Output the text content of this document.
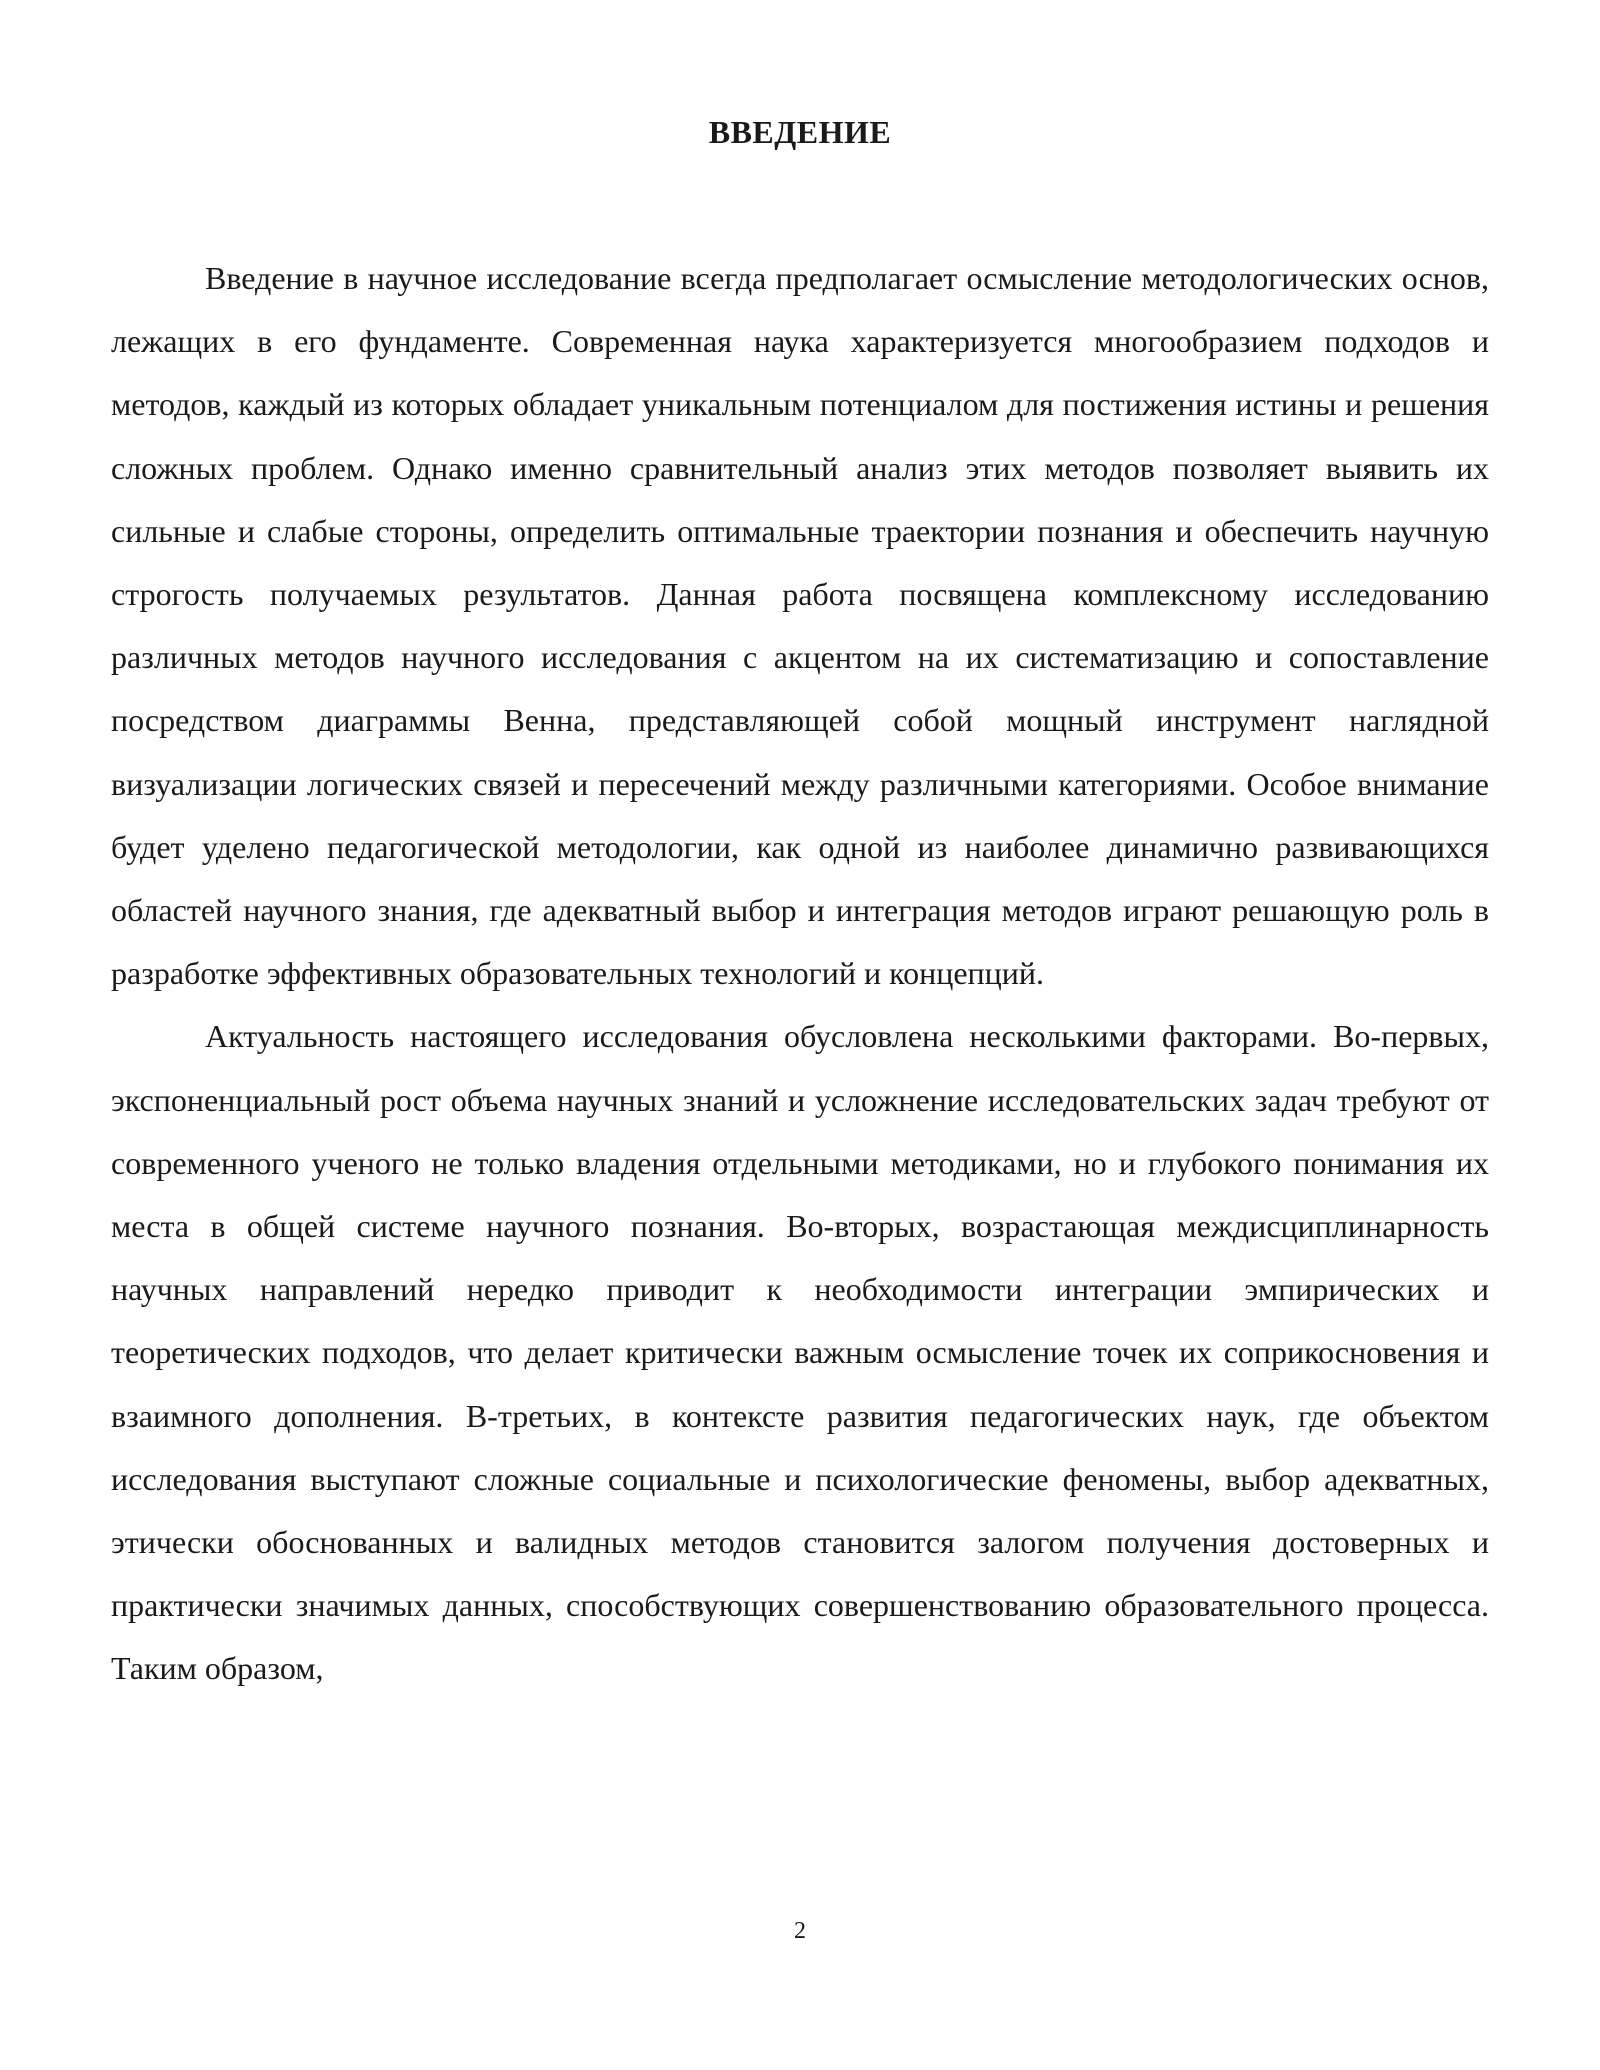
ВВЕДЕНИЕ

Введение в научное исследование всегда предполагает осмысление методологических основ, лежащих в его фундаменте. Современная наука характеризуется многообразием подходов и методов, каждый из которых обладает уникальным потенциалом для постижения истины и решения сложных проблем. Однако именно сравнительный анализ этих методов позволяет выявить их сильные и слабые стороны, определить оптимальные траектории познания и обеспечить научную строгость получаемых результатов. Данная работа посвящена комплексному исследованию различных методов научного исследования с акцентом на их систематизацию и сопоставление посредством диаграммы Венна, представляющей собой мощный инструмент наглядной визуализации логических связей и пересечений между различными категориями. Особое внимание будет уделено педагогической методологии, как одной из наиболее динамично развивающихся областей научного знания, где адекватный выбор и интеграция методов играют решающую роль в разработке эффективных образовательных технологий и концепций.

Актуальность настоящего исследования обусловлена несколькими факторами. Во-первых, экспоненциальный рост объема научных знаний и усложнение исследовательских задач требуют от современного ученого не только владения отдельными методиками, но и глубокого понимания их места в общей системе научного познания. Во-вторых, возрастающая междисциплинарность научных направлений нередко приводит к необходимости интеграции эмпирических и теоретических подходов, что делает критически важным осмысление точек их соприкосновения и взаимного дополнения. В-третьих, в контексте развития педагогических наук, где объектом исследования выступают сложные социальные и психологические феномены, выбор адекватных, этически обоснованных и валидных методов становится залогом получения достоверных и практически значимых данных, способствующих совершенствованию образовательного процесса. Таким образом,

2
